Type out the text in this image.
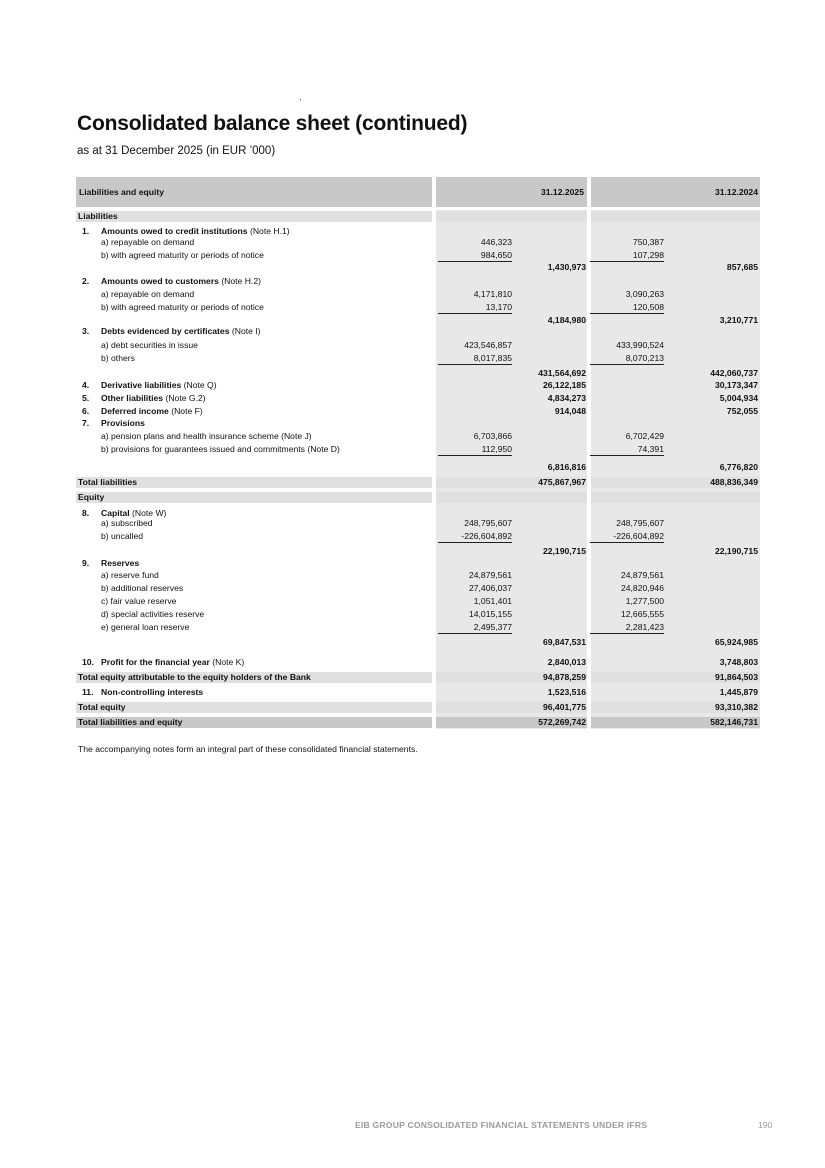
Consolidated balance sheet (continued)
as at 31 December 2025 (in EUR ’000)
Liabilities and equity	31.12.2025	31.12.2024
Liabilities
1. Amounts owed to credit institutions (Note H.1)
a) repayable on demand	446,323	750,387
b) with agreed maturity or periods of notice	984,650	107,298
1,430,973	857,685
2. Amounts owed to customers (Note H.2)
a) repayable on demand	4,171,810	3,090,263
b) with agreed maturity or periods of notice	13,170	120,508
4,184,980	3,210,771
3. Debts evidenced by certificates (Note I)
a) debt securities in issue	423,546,857	433,990,524
b) others	8,017,835	8,070,213
431,564,692	442,060,737
4. Derivative liabilities (Note Q)	26,122,185	30,173,347
5. Other liabilities (Note G.2)	4,834,273	5,004,934
6. Deferred income (Note F)	914,048	752,055
7. Provisions
a) pension plans and health insurance scheme (Note J)	6,703,866	6,702,429
b) provisions for guarantees issued and commitments (Note D)	112,950	74,391
6,816,816	6,776,820
Total liabilities	475,867,967	488,836,349
Equity
8. Capital (Note W)
a) subscribed	248,795,607	248,795,607
b) uncalled	-226,604,892	-226,604,892
22,190,715	22,190,715
9. Reserves
a) reserve fund	24,879,561	24,879,561
b) additional reserves	27,406,037	24,820,946
c) fair value reserve	1,051,401	1,277,500
d) special activities reserve	14,015,155	12,665,555
e) general loan reserve	2,495,377	2,281,423
69,847,531	65,924,985
10. Profit for the financial year (Note K)	2,840,013	3,748,803
Total equity attributable to the equity holders of the Bank	94,878,259	91,864,503
11. Non-controlling interests	1,523,516	1,445,879
Total equity	96,401,775	93,310,382
Total liabilities and equity	572,269,742	582,146,731
The accompanying notes form an integral part of these consolidated financial statements.
EIB GROUP CONSOLIDATED FINANCIAL STATEMENTS UNDER IFRS	190
